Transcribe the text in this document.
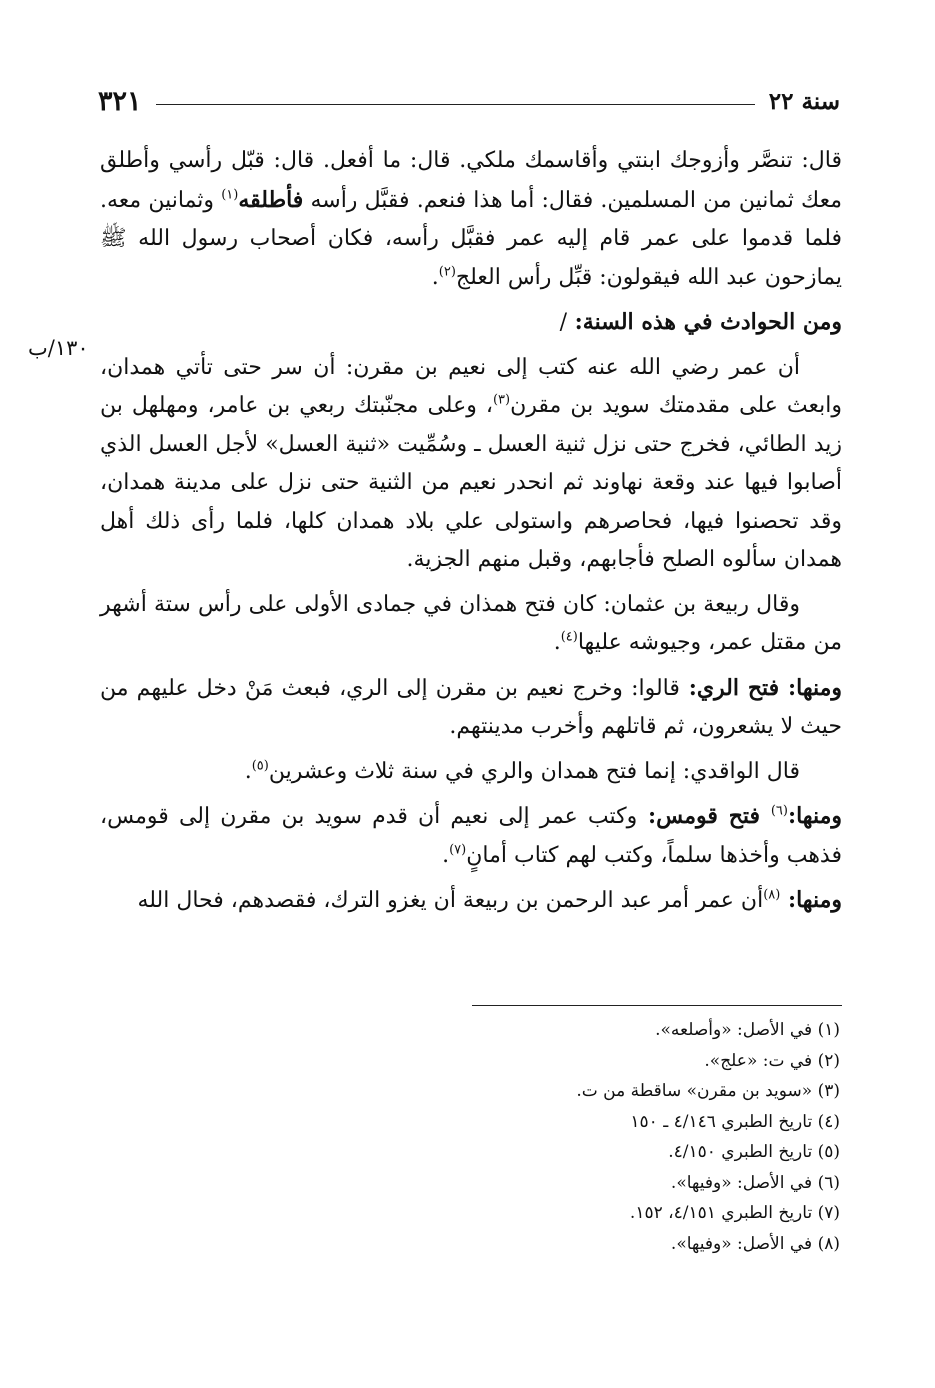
سنة ٢٢
٣٢١
١٣٠/ب

قال: تنصَّر وأزوجك ابنتي وأقاسمك ملكي. قال: ما أفعل. قال: قبّل رأسي وأطلق معك ثمانين من المسلمين. فقال: أما هذا فنعم. فقبَّل رأسه فأطلقه$^{(١)}$ وثمانين معه. فلما قدموا على عمر قام إليه عمر فقبَّل رأسه، فكان أصحاب رسول الله ﷺ يمازحون عبد الله فيقولون: قبِّل رأس العلج$^{(٢)}$.

ومن الحوادث في هذه السنة: /

أن عمر رضي الله عنه كتب إلى نعيم بن مقرن: أن سر حتى تأتي همدان، وابعث على مقدمتك سويد بن مقرن$^{(٣)}$، وعلى مجنّبتك ربعي بن عامر، ومهلهل بن زيد الطائي، فخرج حتى نزل ثنية العسل ـ وسُمِّيت «ثنية العسل» لأجل العسل الذي أصابوا فيها عند وقعة نهاوند ثم انحدر نعيم من الثنية حتى نزل على مدينة همدان، وقد تحصنوا فيها، فحاصرهم واستولى علي بلاد همدان كلها، فلما رأى ذلك أهل همدان سألوه الصلح فأجابهم، وقبل منهم الجزية.

وقال ربيعة بن عثمان: كان فتح همذان في جمادى الأولى على رأس ستة أشهر من مقتل عمر، وجيوشه عليها$^{(٤)}$.

ومنها: فتح الري: قالوا: وخرج نعيم بن مقرن إلى الري، فبعث مَنْ دخل عليهم من حيث لا يشعرون، ثم قاتلهم وأخرب مدينتهم.

قال الواقدي: إنما فتح همدان والري في سنة ثلاث وعشرين$^{(٥)}$.

ومنها:$^{(٦)}$ فتح قومس: وكتب عمر إلى نعيم أن قدم سويد بن مقرن إلى قومس، فذهب وأخذها سلماً، وكتب لهم كتاب أمانٍ$^{(٧)}$.

ومنها: $^{(٨)}$أن عمر أمر عبد الرحمن بن ربيعة أن يغزو الترك، فقصدهم، فحال الله

(١) في الأصل: «وأصلعه».
(٢) في ت: «علج».
(٣) «سويد بن مقرن» ساقطة من ت.
(٤) تاريخ الطبري ٤/١٤٦ ـ ١٥٠
(٥) تاريخ الطبري ٤/١٥٠.
(٦) في الأصل: «وفيها».
(٧) تاريخ الطبري ٤/١٥١، ١٥٢.
(٨) في الأصل: «وفيها».
